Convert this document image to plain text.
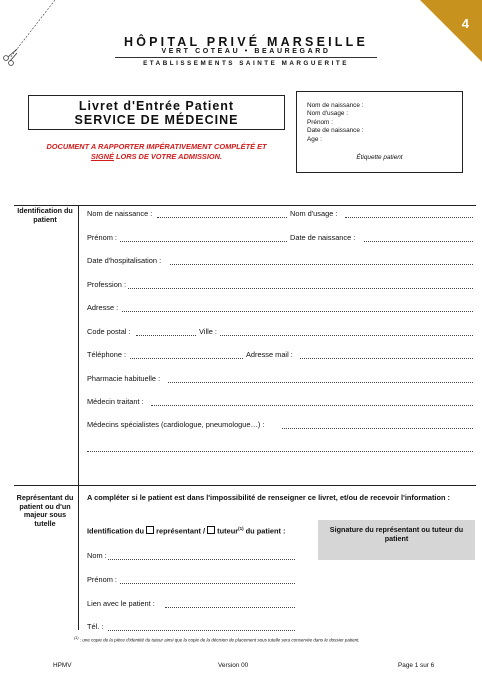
4
HÔPITAL PRIVÉ MARSEILLE
VERT COTEAU • BEAUREGARD
ETABLISSEMENTS SAINTE MARGUERITE
Livret d'Entrée Patient
SERVICE DE MÉDECINE
DOCUMENT A RAPPORTER IMPÉRATIVEMENT COMPLÉTÉ ET
SIGNÉ LORS DE VOTRE ADMISSION.
Nom de naissance :
Nom d'usage :
Prénom :
Date de naissance :
Age :
Étiquette patient
Identification du patient
Nom de naissance :	Nom d'usage :
Prénom :	Date de naissance :
Date d'hospitalisation :
Profession :
Adresse :
Code postal :	Ville :
Téléphone :	Adresse mail :
Pharmacie habituelle :
Médecin traitant :
Médecins spécialistes (cardiologue, pneumologue…) :
Représentant du patient ou d'un majeur sous tutelle
A compléter si le patient est dans l'impossibilité de renseigner ce livret, et/ou de recevoir l'information :
Identification du  représentant /  tuteur$^{(1)}$ du patient :	Signature du représentant ou tuteur du patient
Nom :
Prénom :
Lien avec le patient :
Tél. :
$^{(1)}$ : une copie de la pièce d'identité du tuteur ainsi que la copie de la décision de placement sous tutelle sera conservée dans le dossier patient.
HPMV	Version 00	Page 1 sur 6
